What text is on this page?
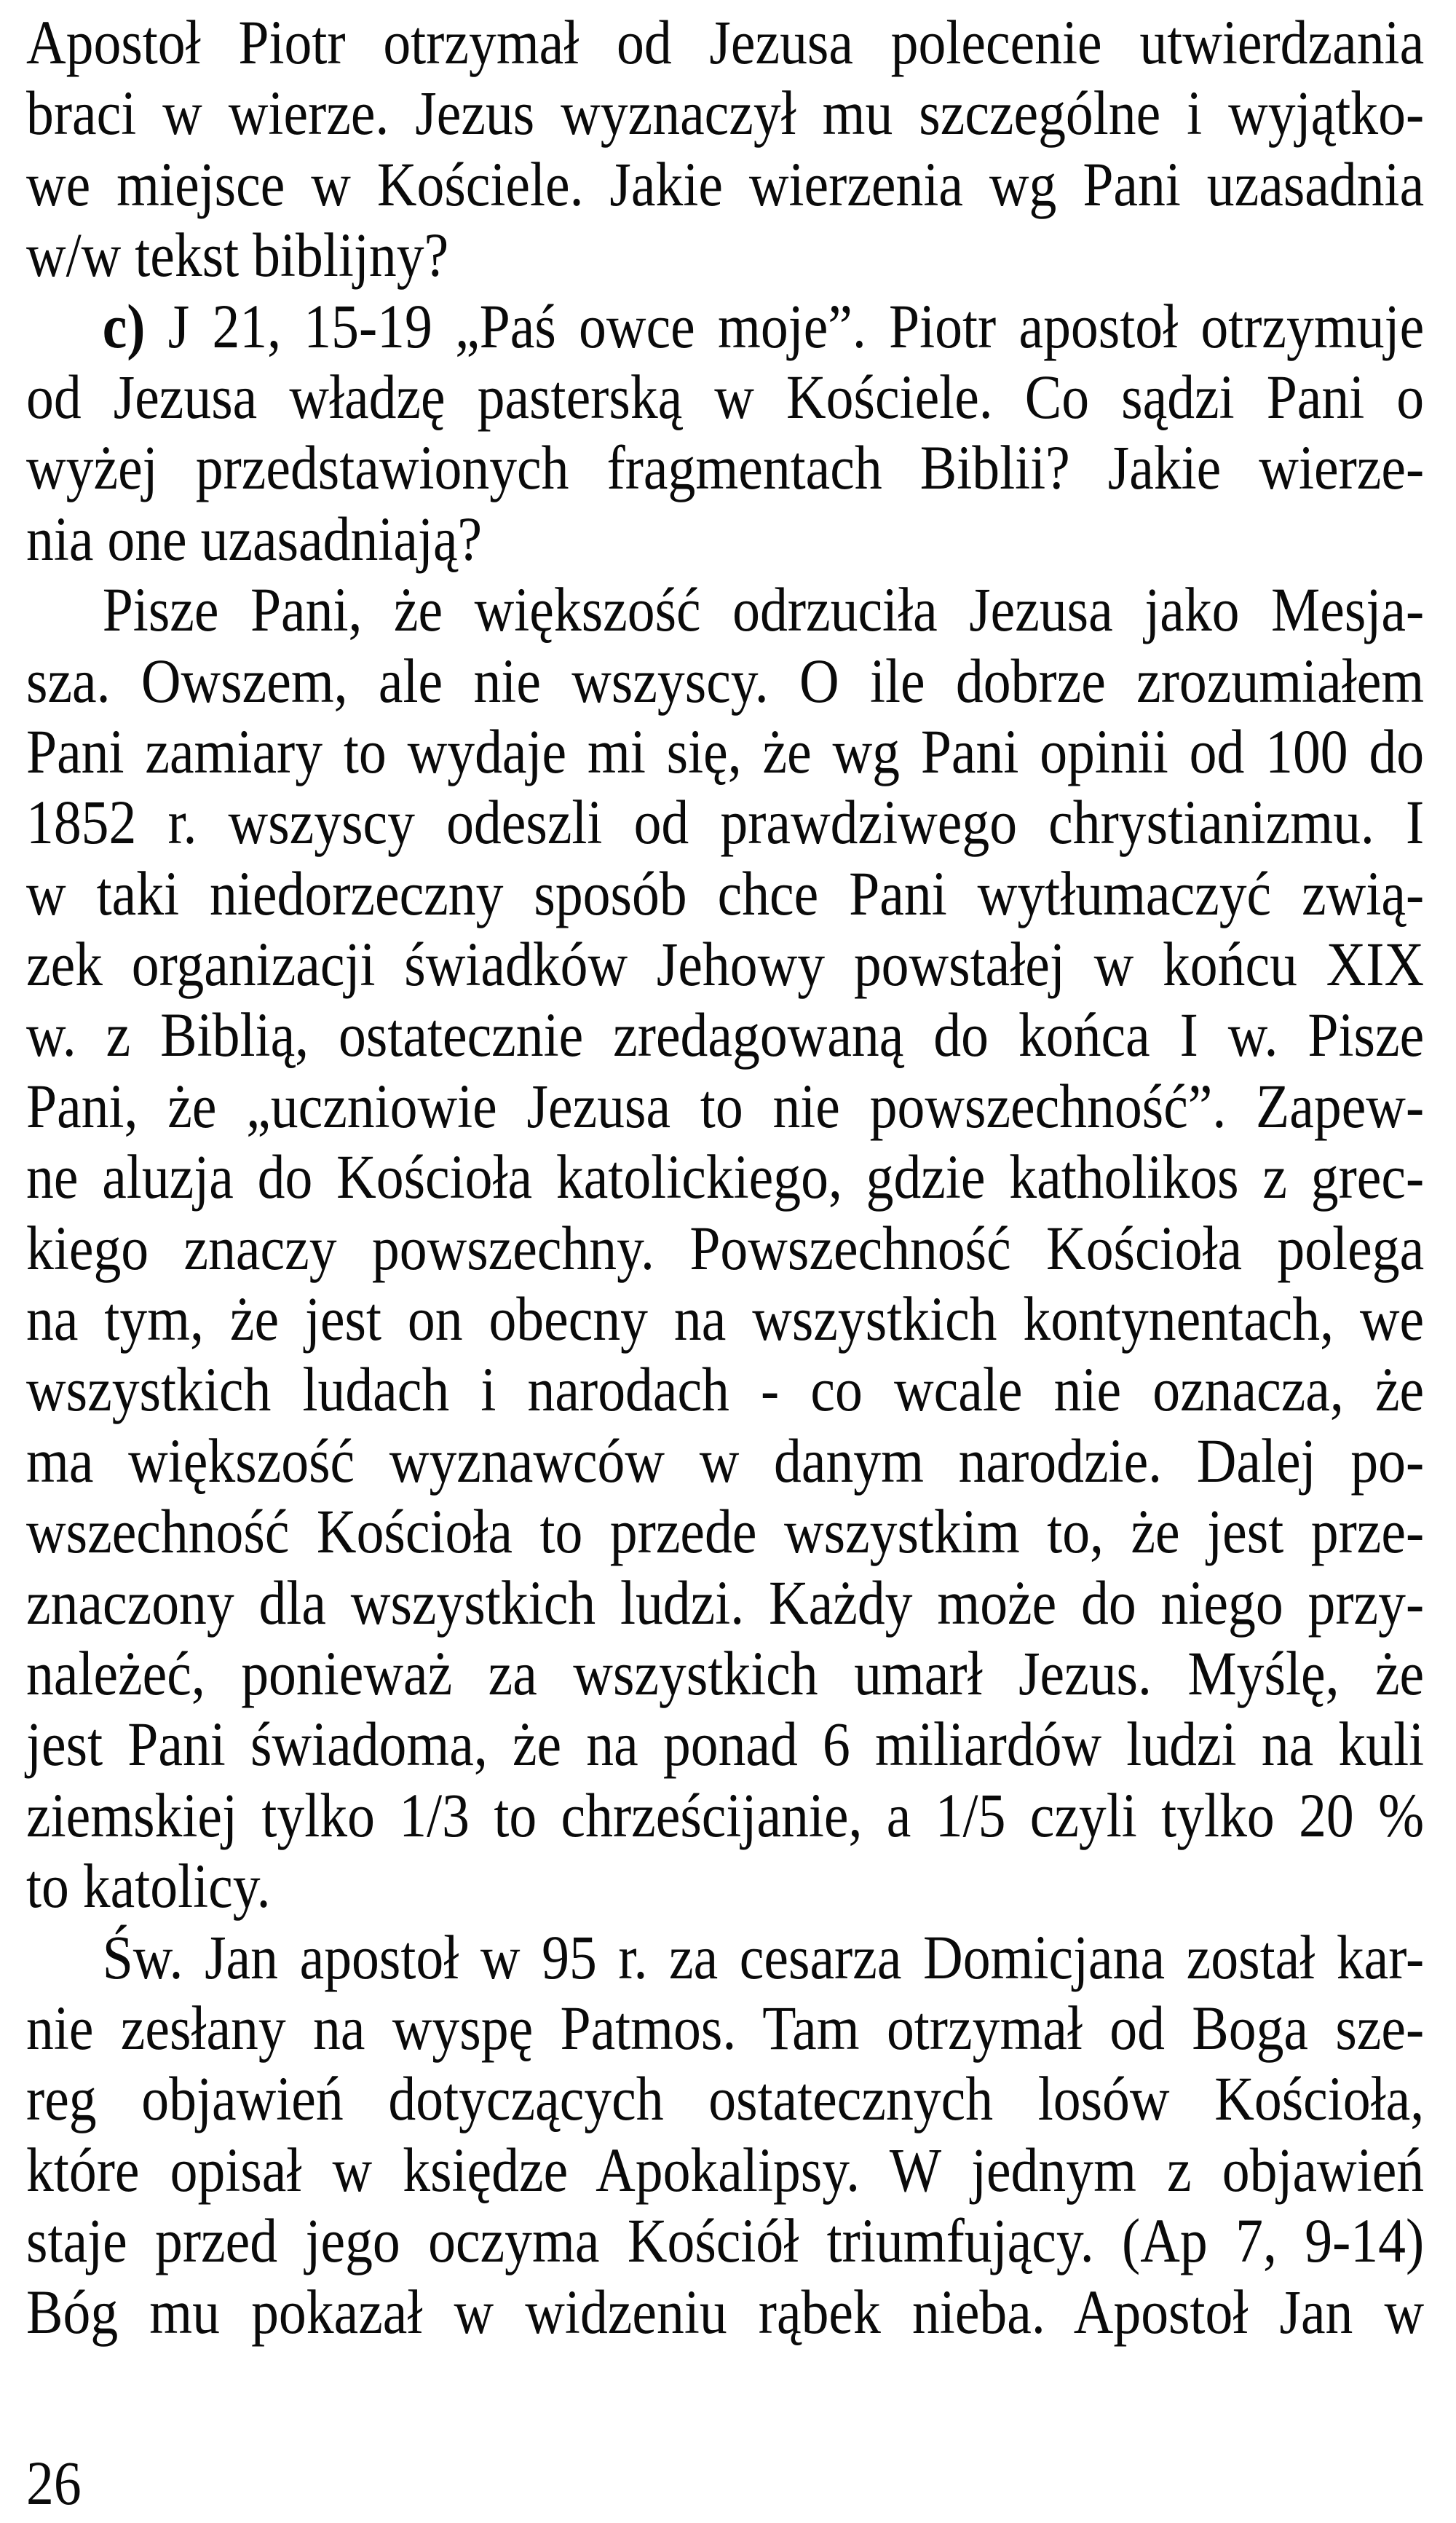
Apostoł Piotr otrzymał od Jezusa polecenie utwierdzania
braci w wierze. Jezus wyznaczył mu szczególne i wyjątko-
we miejsce w Kościele. Jakie wierzenia wg Pani uzasadnia
w/w tekst biblijny?
c) J 21, 15-19 „Paś owce moje”. Piotr apostoł otrzymuje
od Jezusa władzę pasterską w Kościele. Co sądzi Pani o
wyżej przedstawionych fragmentach Biblii? Jakie wierze-
nia one uzasadniają?
Pisze Pani, że większość odrzuciła Jezusa jako Mesja-
sza. Owszem, ale nie wszyscy. O ile dobrze zrozumiałem
Pani zamiary to wydaje mi się, że wg Pani opinii od 100 do
1852 r. wszyscy odeszli od prawdziwego chrystianizmu. I
w taki niedorzeczny sposób chce Pani wytłumaczyć zwią-
zek organizacji świadków Jehowy powstałej w końcu XIX
w. z Biblią, ostatecznie zredagowaną do końca I w. Pisze
Pani, że „uczniowie Jezusa to nie powszechność”. Zapew-
ne aluzja do Kościoła katolickiego, gdzie katholikos z grec-
kiego znaczy powszechny. Powszechność Kościoła polega
na tym, że jest on obecny na wszystkich kontynentach, we
wszystkich ludach i narodach - co wcale nie oznacza, że
ma większość wyznawców w danym narodzie. Dalej po-
wszechność Kościoła to przede wszystkim to, że jest prze-
znaczony dla wszystkich ludzi. Każdy może do niego przy-
należeć, ponieważ za wszystkich umarł Jezus. Myślę, że
jest Pani świadoma, że na ponad 6 miliardów ludzi na kuli
ziemskiej tylko 1/3 to chrześcijanie, a 1/5 czyli tylko 20 %
to katolicy.
Św. Jan apostoł w 95 r. za cesarza Domicjana został kar-
nie zesłany na wyspę Patmos. Tam otrzymał od Boga sze-
reg objawień dotyczących ostatecznych losów Kościoła,
które opisał w księdze Apokalipsy. W jednym z objawień
staje przed jego oczyma Kościół triumfujący. (Ap 7, 9-14)
Bóg mu pokazał w widzeniu rąbek nieba. Apostoł Jan w
26
